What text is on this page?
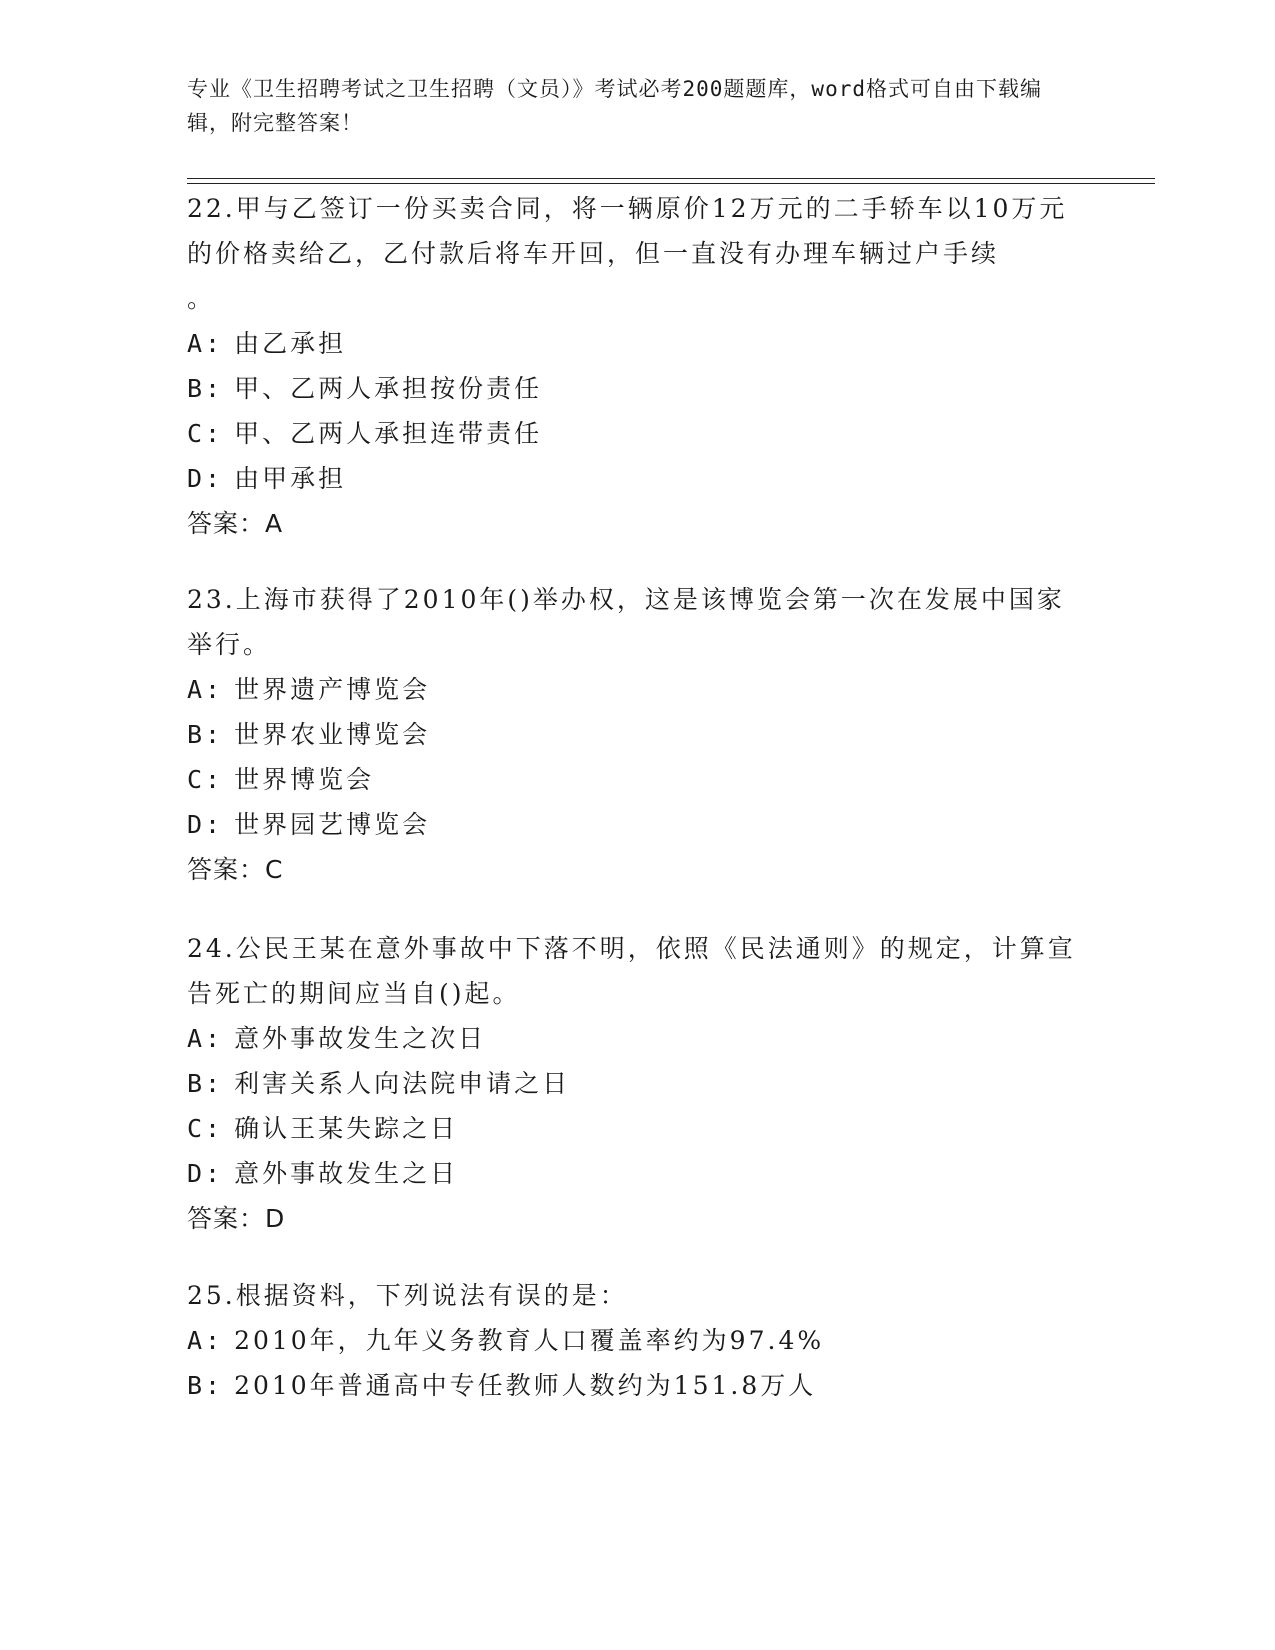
专业《卫生招聘考试之卫生招聘（文员）》考试必考200题题库，word格式可自由下载编辑，附完整答案！

22.甲与乙签订一份买卖合同，将一辆原价12万元的二手轿车以10万元的价格卖给乙，乙付款后将车开回，但一直没有办理车辆过户手续

。
A: 由乙承担
B: 甲、乙两人承担按份责任
C: 甲、乙两人承担连带责任
D: 由甲承担
答案：A

23.上海市获得了2010年()举办权，这是该博览会第一次在发展中国家举行。

A: 世界遗产博览会
B: 世界农业博览会
C: 世界博览会
D: 世界园艺博览会
答案：C

24.公民王某在意外事故中下落不明，依照《民法通则》的规定，计算宣告死亡的期间应当自()起。

A: 意外事故发生之次日
B: 利害关系人向法院申请之日
C: 确认王某失踪之日
D: 意外事故发生之日
答案：D

25.根据资料，下列说法有误的是：

A: 2010年，九年义务教育人口覆盖率约为97.4%
B: 2010年普通高中专任教师人数约为151.8万人
